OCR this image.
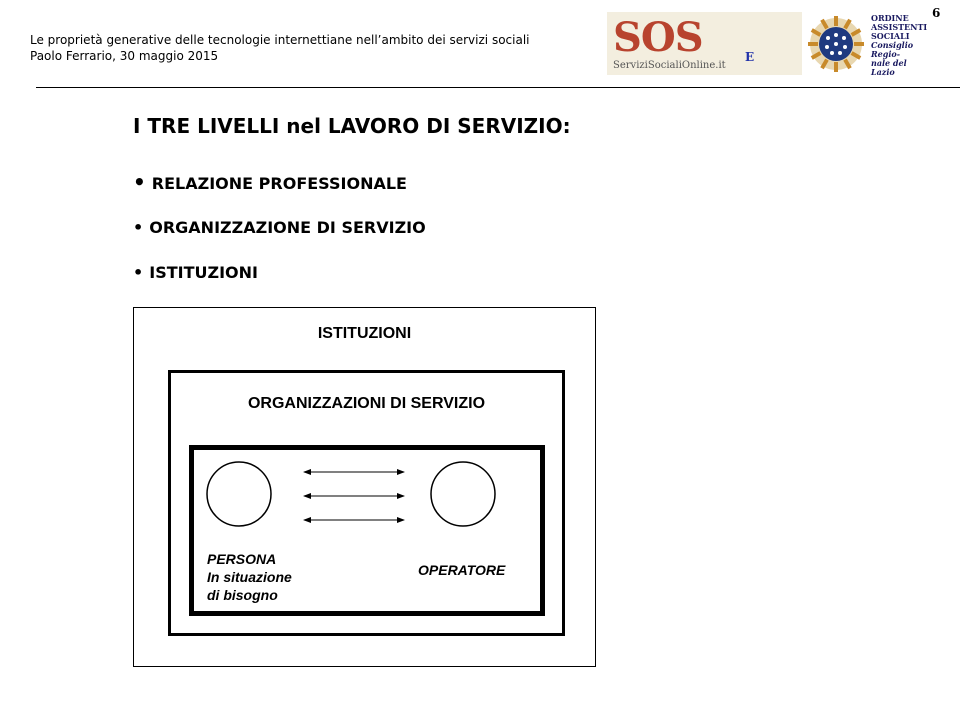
Le proprietà generative delle tecnologie internettiane nell’ambito dei servizi sociali
Paolo Ferrario, 30 maggio 2015
6
SOS
ServiziSocialiOnline.it
E
ORDINE
ASSISTENTI
SOCIALI
Consiglio Regio-
nale del Lazio
I TRE LIVELLI nel LAVORO DI SERVIZIO:
• RELAZIONE PROFESSIONALE
• ORGANIZZAZIONE DI SERVIZIO
• ISTITUZIONI
ISTITUZIONI
ORGANIZZAZIONI DI SERVIZIO
PERSONA
In situazione
di bisogno
OPERATORE
